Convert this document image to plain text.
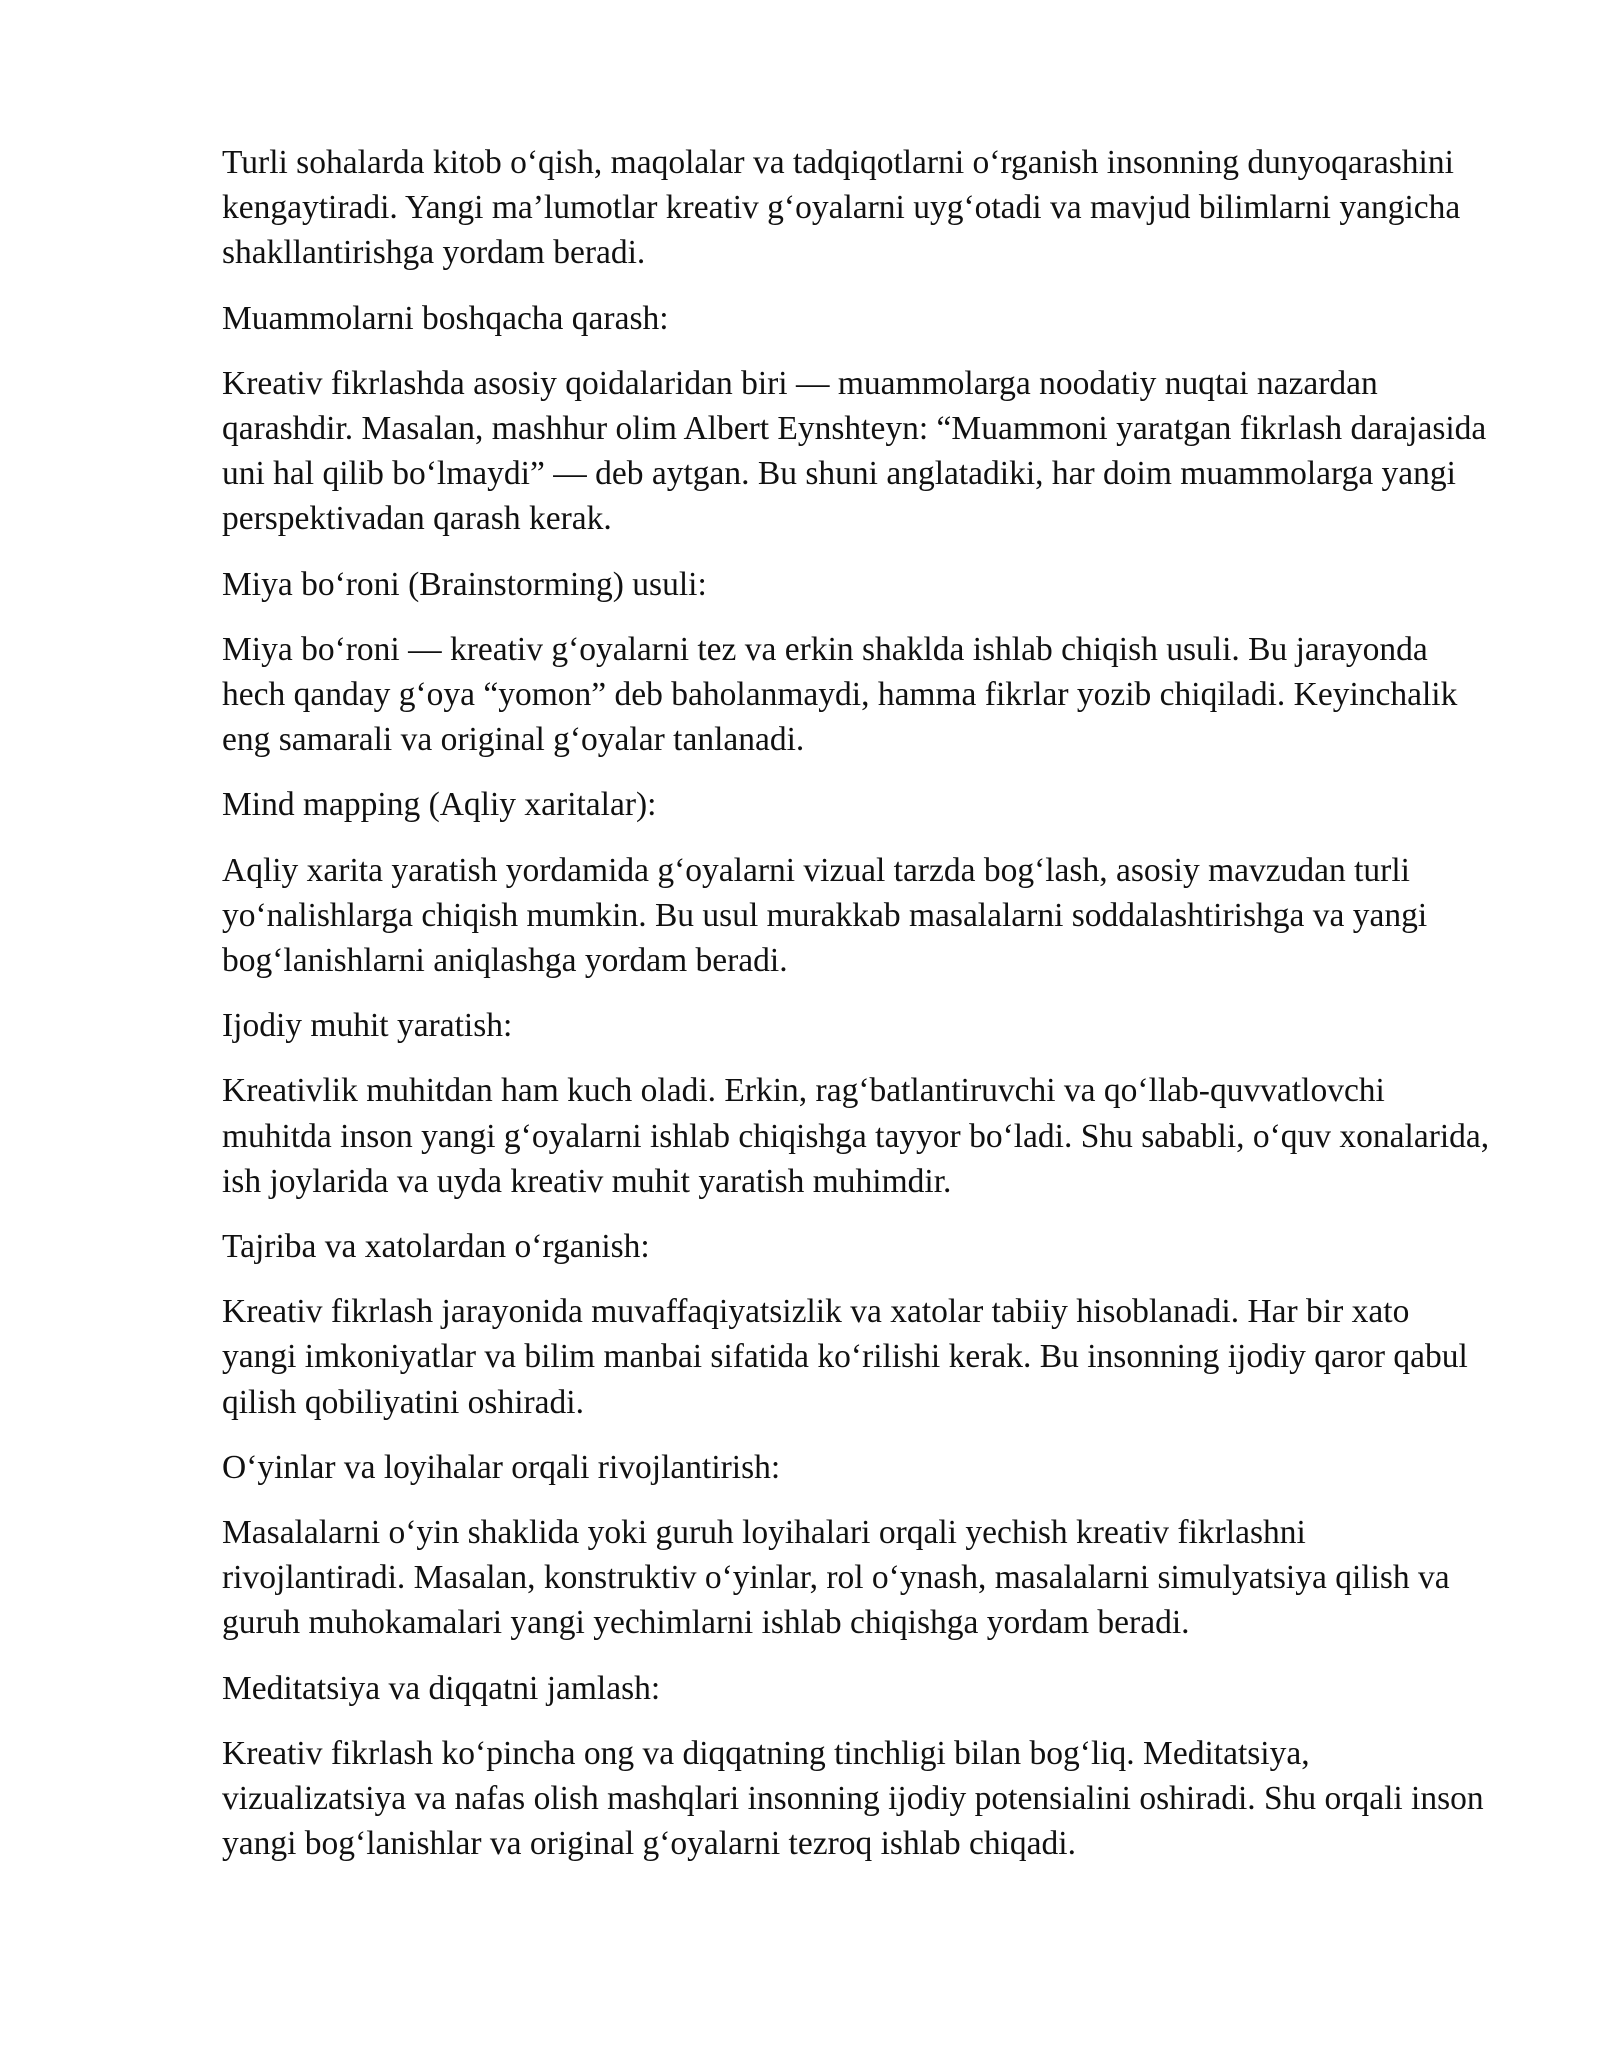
Turli sohalarda kitob o‘qish, maqolalar va tadqiqotlarni o‘rganish insonning dunyoqarashini kengaytiradi. Yangi ma’lumotlar kreativ g‘oyalarni uyg‘otadi va mavjud bilimlarni yangicha shakllantirishga yordam beradi.

Muammolarni boshqacha qarash:

Kreativ fikrlashda asosiy qoidalaridan biri — muammolarga noodatiy nuqtai nazardan qarashdir. Masalan, mashhur olim Albert Eynshteyn: “Muammoni yaratgan fikrlash darajasida uni hal qilib bo‘lmaydi” — deb aytgan. Bu shuni anglatadiki, har doim muammolarga yangi perspektivadan qarash kerak.

Miya bo‘roni (Brainstorming) usuli:

Miya bo‘roni — kreativ g‘oyalarni tez va erkin shaklda ishlab chiqish usuli. Bu jarayonda hech qanday g‘oya “yomon” deb baholanmaydi, hamma fikrlar yozib chiqiladi. Keyinchalik eng samarali va original g‘oyalar tanlanadi.

Mind mapping (Aqliy xaritalar):

Aqliy xarita yaratish yordamida g‘oyalarni vizual tarzda bog‘lash, asosiy mavzudan turli yo‘nalishlarga chiqish mumkin. Bu usul murakkab masalalarni soddalashtirishga va yangi bog‘lanishlarni aniqlashga yordam beradi.

Ijodiy muhit yaratish:

Kreativlik muhitdan ham kuch oladi. Erkin, rag‘batlantiruvchi va qo‘llab-quvvatlovchi muhitda inson yangi g‘oyalarni ishlab chiqishga tayyor bo‘ladi. Shu sababli, o‘quv xonalarida, ish joylarida va uyda kreativ muhit yaratish muhimdir.

Tajriba va xatolardan o‘rganish:

Kreativ fikrlash jarayonida muvaffaqiyatsizlik va xatolar tabiiy hisoblanadi. Har bir xato yangi imkoniyatlar va bilim manbai sifatida ko‘rilishi kerak. Bu insonning ijodiy qaror qabul qilish qobiliyatini oshiradi.

O‘yinlar va loyihalar orqali rivojlantirish:

Masalalarni o‘yin shaklida yoki guruh loyihalari orqali yechish kreativ fikrlashni rivojlantiradi. Masalan, konstruktiv o‘yinlar, rol o‘ynash, masalalarni simulyatsiya qilish va guruh muhokamalari yangi yechimlarni ishlab chiqishga yordam beradi.

Meditatsiya va diqqatni jamlash:

Kreativ fikrlash ko‘pincha ong va diqqatning tinchligi bilan bog‘liq. Meditatsiya, vizualizatsiya va nafas olish mashqlari insonning ijodiy potensialini oshiradi. Shu orqali inson yangi bog‘lanishlar va original g‘oyalarni tezroq ishlab chiqadi.
